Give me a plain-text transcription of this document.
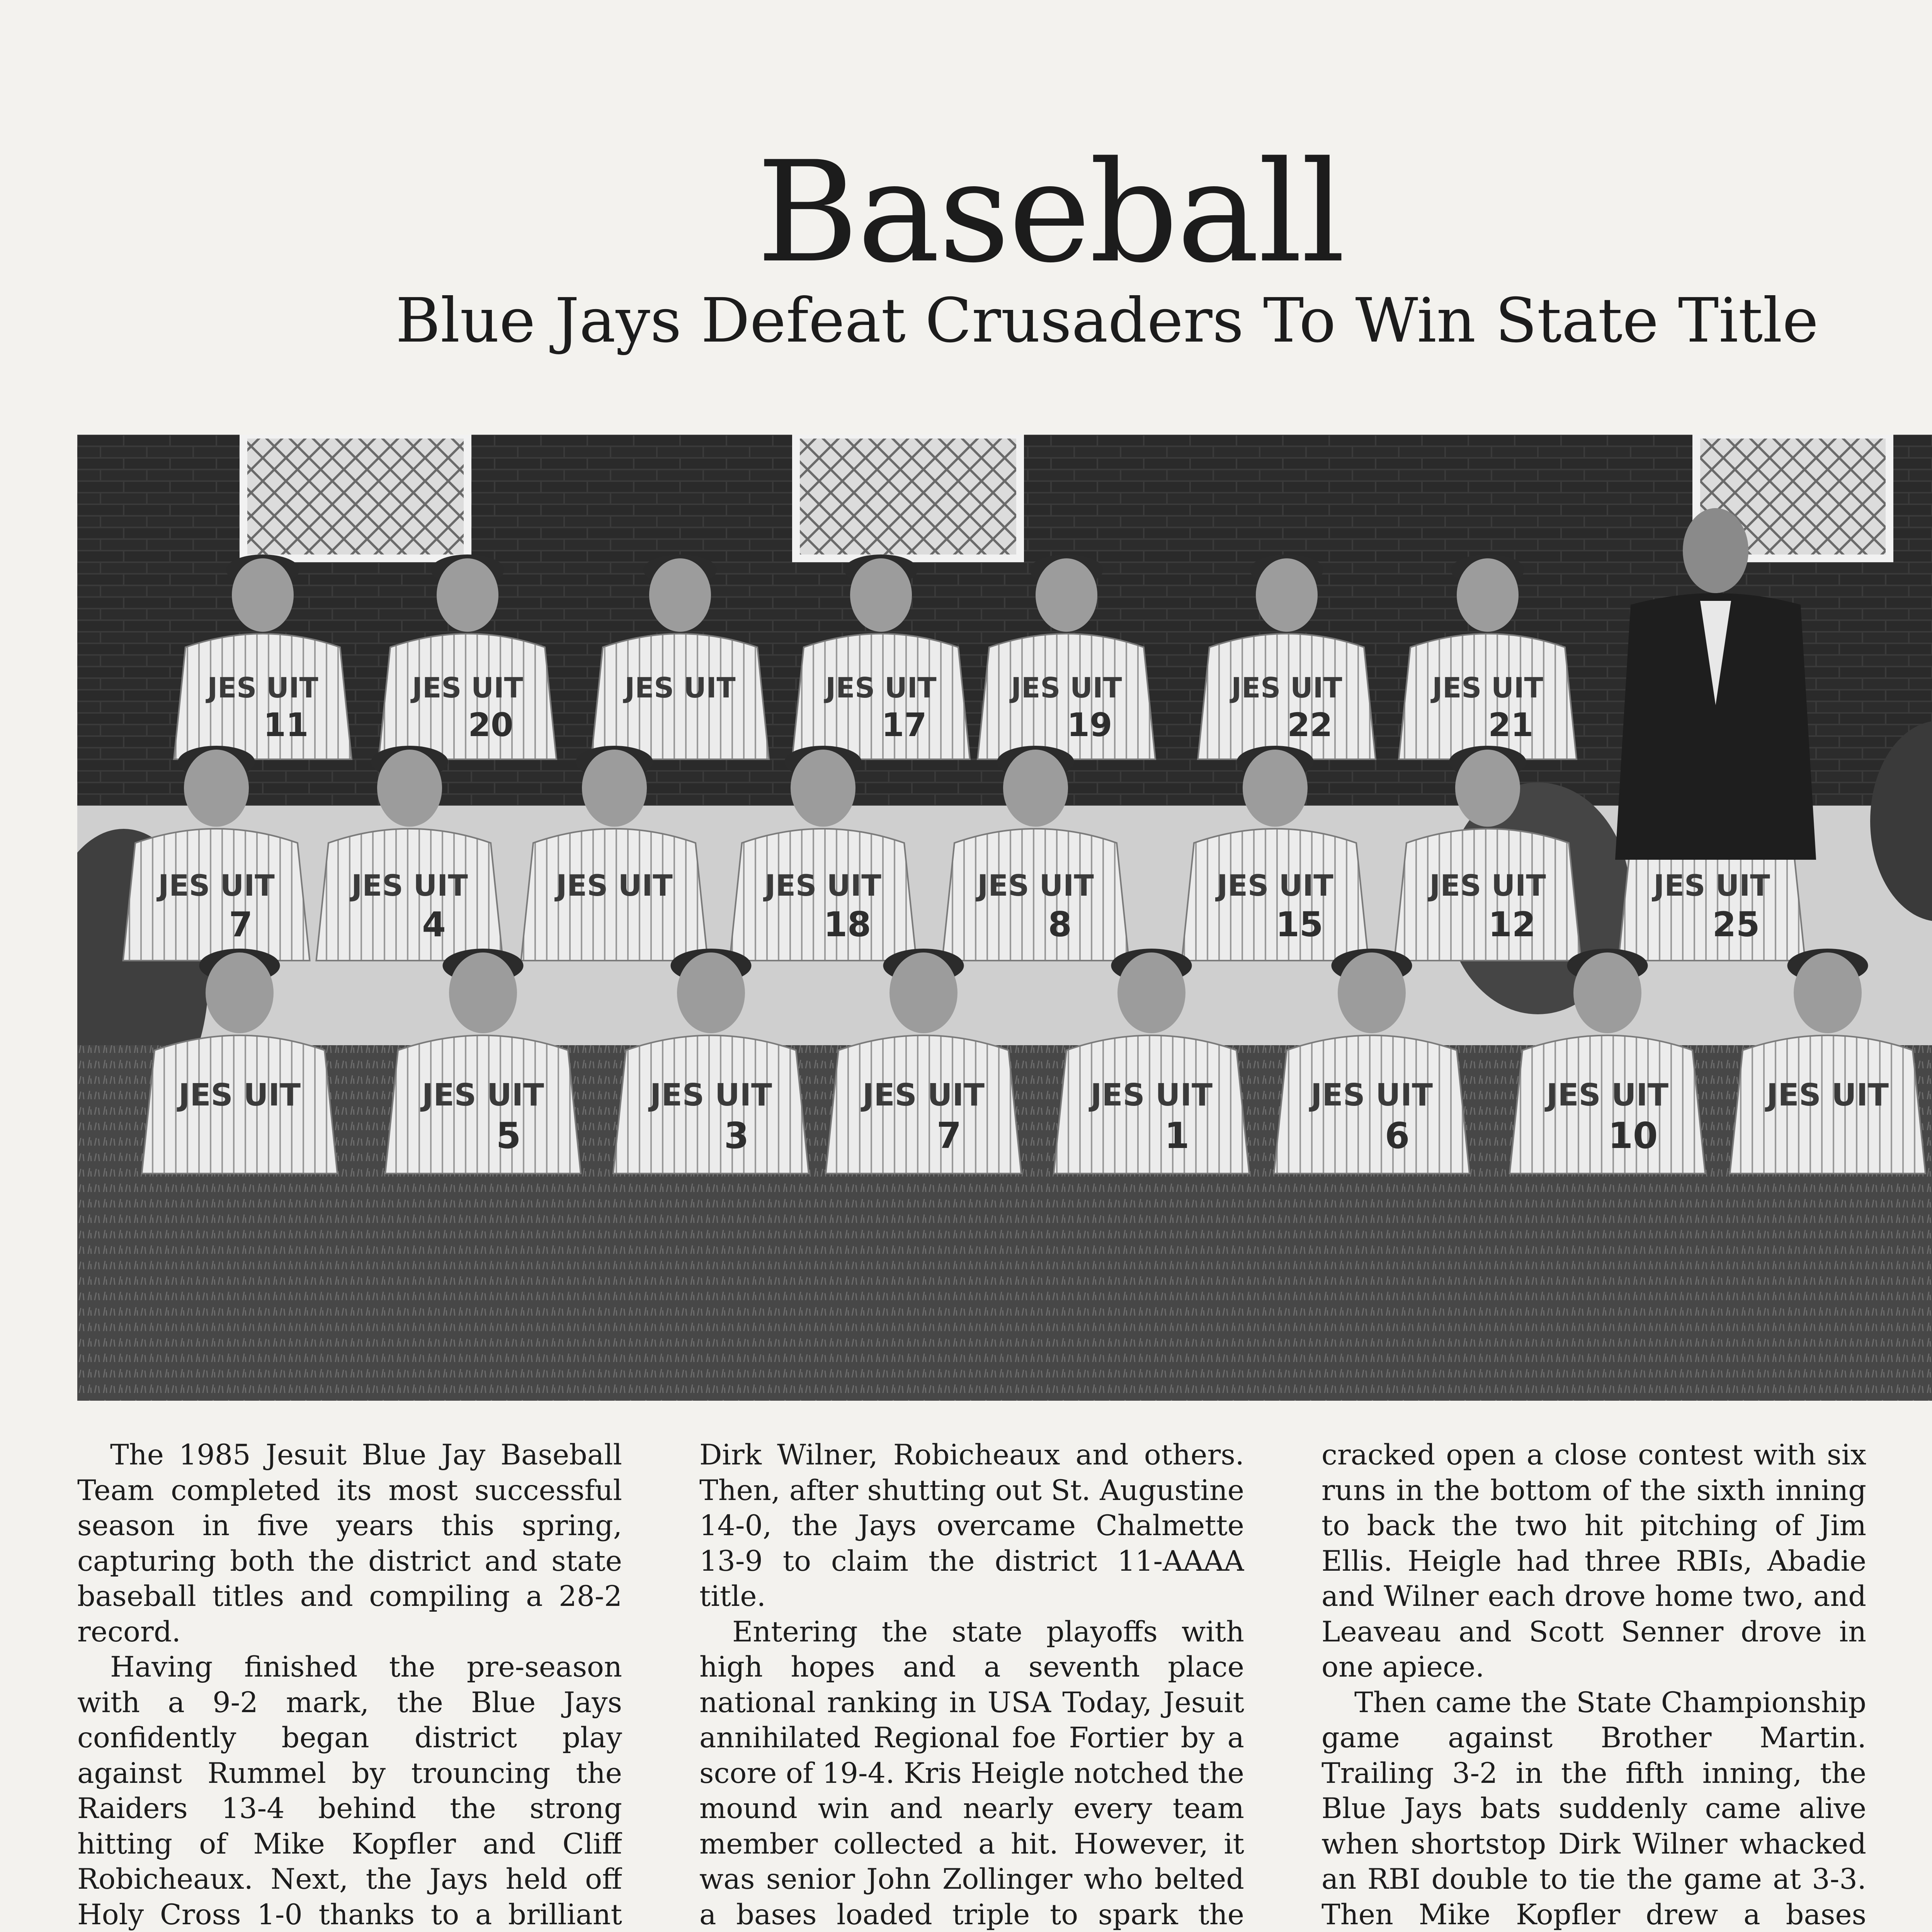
Baseball
Blue Jays Defeat Crusaders To Win State Title
JES UIT
11
JES UIT
20
JES UIT	JES UIT
17
JES UIT
19
JES UIT
22
JES UIT
21
JES UIT
7
JES UIT
4
JES UIT	JES UIT
18
JES UIT
8
JES UIT
15
JES UIT
12
JES UIT
25
JES UIT	JES UIT
5
JES UIT
3
JES UIT
7
JES UIT
1
JES UIT
6
JES UIT
10
JES UIT

The 1985 Jesuit Blue Jay Baseball Team completed its most successful season in five years this spring, capturing both the district and state baseball titles and compiling a 28-2 record.

Having finished the pre-season with a 9-2 mark, the Blue Jays confidently began district play against Rummel by trouncing the Raiders 13-4 behind the strong hitting of Mike Kopfler and Cliff Robicheaux. Next, the Jays held off Holy Cross 1-0 thanks to a brilliant

Dirk Wilner, Robicheaux and others. Then, after shutting out St. Augustine 14-0, the Jays overcame Chalmette 13-9 to claim the district 11-AAAA title.

Entering the state playoffs with high hopes and a seventh place national ranking in USA Today, Jesuit annihilated Regional foe Fortier by a score of 19-4. Kris Heigle notched the mound win and nearly every team member collected a hit. However, it was senior John Zollinger who belted a bases loaded triple to spark the

cracked open a close contest with six runs in the bottom of the sixth inning to back the two hit pitching of Jim Ellis. Heigle had three RBIs, Abadie and Wilner each drove home two, and Leaveau and Scott Senner drove in one apiece.

Then came the State Championship game against Brother Martin. Trailing 3-2 in the fifth inning, the Blue Jays bats suddenly came alive when shortstop Dirk Wilner whacked an RBI double to tie the game at 3-3. Then Mike Kopfler drew a bases
